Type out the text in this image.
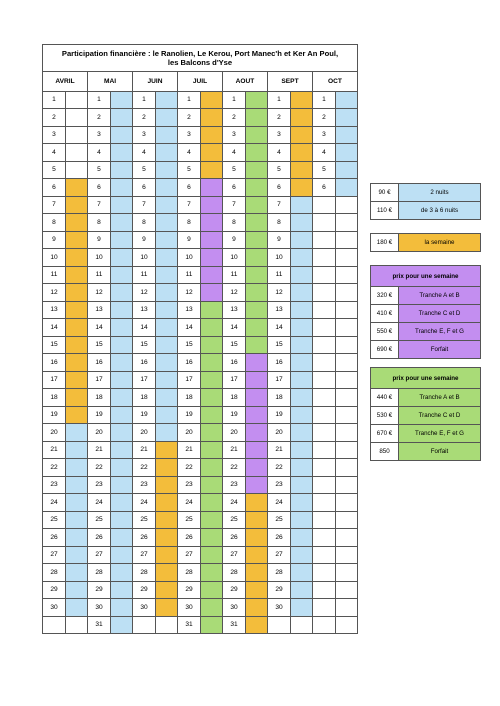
Participation financière : le Ranolien, Le Kerou, Port Manec'h et Ker An Poul,
les Balcons d'Yse													
AVRIL		MAI		JUIN		JUIL		AOUT		SEPT		OCT	
1		1		1		1		1		1		1	
2		2		2		2		2		2		2	
3		3		3		3		3		3		3	
4		4		4		4		4		4		4	
5		5		5		5		5		5		5	
6		6		6		6		6		6		6	
7		7		7		7		7		7			
8		8		8		8		8		8			
9		9		9		9		9		9			
10		10		10		10		10		10			
11		11		11		11		11		11			
12		12		12		12		12		12			
13		13		13		13		13		13			
14		14		14		14		14		14			
15		15		15		15		15		15			
16		16		16		16		16		16			
17		17		17		17		17		17			
18		18		18		18		18		18			
19		19		19		19		19		19			
20		20		20		20		20		20			
21		21		21		21		21		21			
22		22		22		22		22		22			
23		23		23		23		23		23			
24		24		24		24		24		24			
25		25		25		25		25		25			
26		26		26		26		26		26			
27		27		27		27		27		27			
28		28		28		28		28		28			
29		29		29		29		29		29			
30		30		30		30		30		30			
		31				31		31					
90 €	2 nuits
110 €	de 3 à 6 nuits
180 €	la semaine
prix pour une semaine	
320 €	Tranche A et B
410 €	Tranche C et D
550 €	Tranche E, F et G
690 €	Forfait
prix pour une semaine	
440 €	Tranche A et B
530 €	Tranche C et D
670 €	Tranche E, F et G
850	Forfait
